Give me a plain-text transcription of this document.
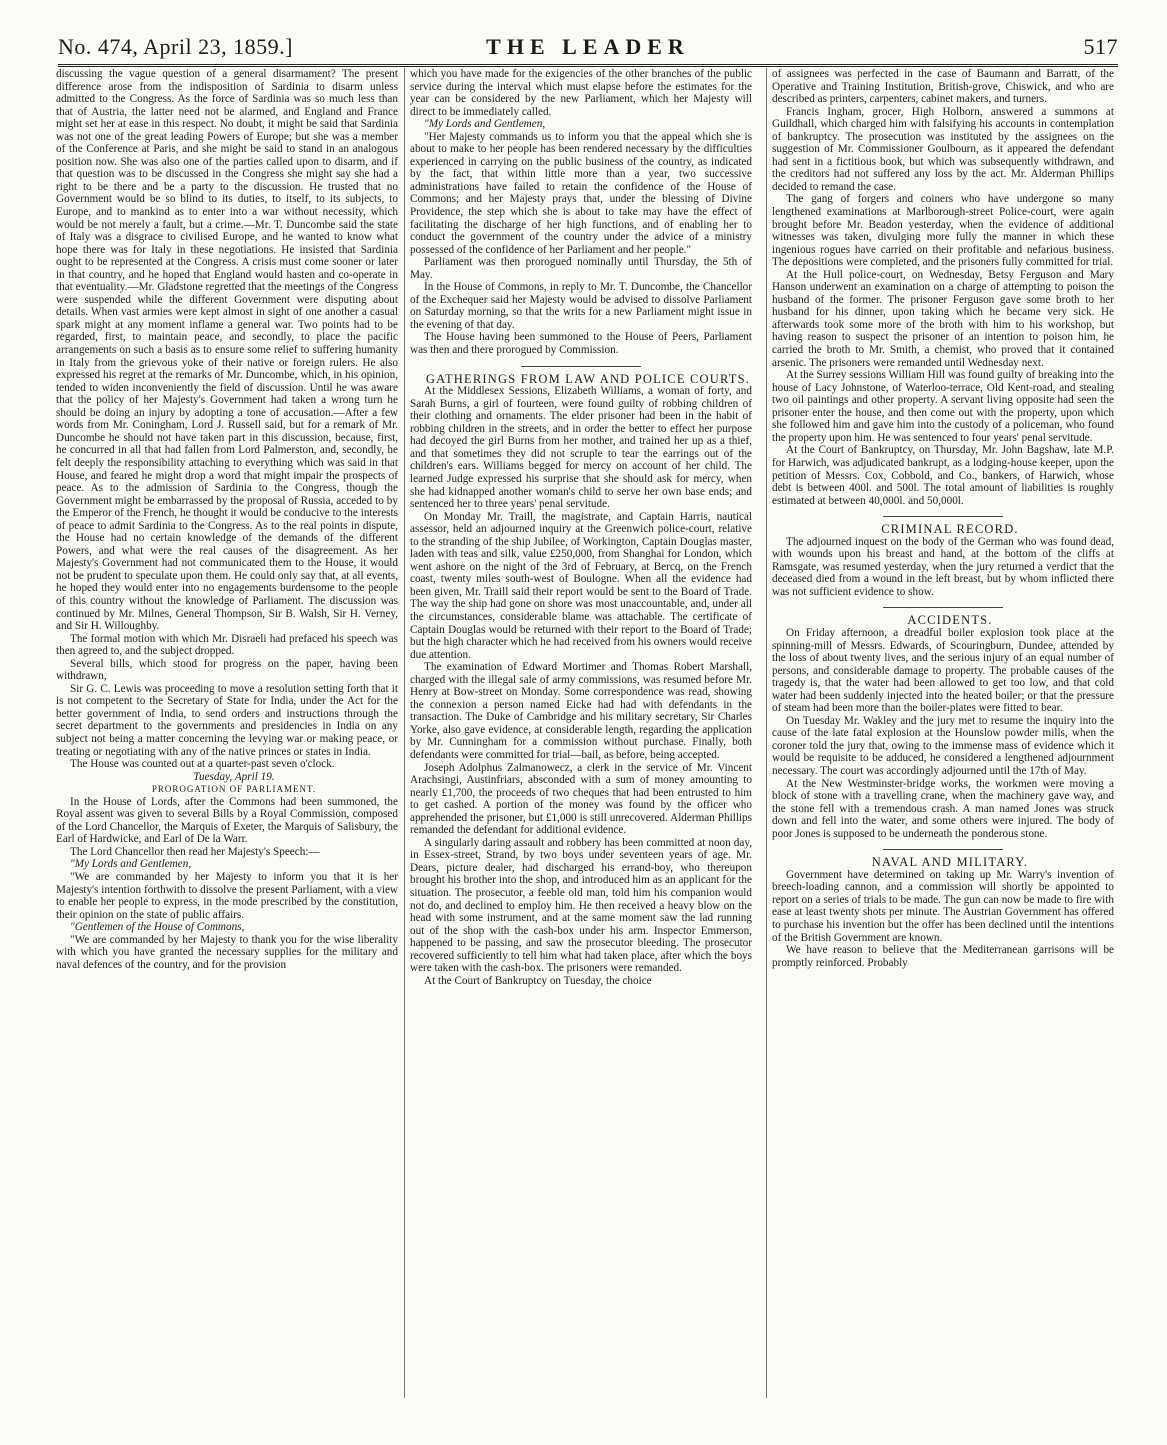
No. 474, April 23, 1859.]	THE LEADER	517

discussing the vague question of a general disarmament? The present difference arose from the indisposition of Sardinia to disarm unless admitted to the Congress. As the force of Sardinia was so much less than that of Austria, the latter need not be alarmed, and England and France might set her at ease in this respect. No doubt, it might be said that Sardinia was not one of the great leading Powers of Europe; but she was a member of the Conference at Paris, and she might be said to stand in an analogous position now. She was also one of the parties called upon to disarm, and if that question was to be discussed in the Congress she might say she had a right to be there and be a party to the discussion. He trusted that no Government would be so blind to its duties, to itself, to its subjects, to Europe, and to mankind as to enter into a war without necessity, which would be not merely a fault, but a crime.—Mr. T. Duncombe said the state of Italy was a disgrace to civilised Europe, and he wanted to know what hope there was for Italy in these negotiations. He insisted that Sardinia ought to be represented at the Congress. A crisis must come sooner or later in that country, and he hoped that England would hasten and co-operate in that eventuality.—Mr. Gladstone regretted that the meetings of the Congress were suspended while the different Government were disputing about details. When vast armies were kept almost in sight of one another a casual spark might at any moment inflame a general war. Two points had to be regarded, first, to maintain peace, and secondly, to place the pacific arrangements on such a basis as to ensure some relief to suffering humanity in Italy from the grievous yoke of their native or foreign rulers. He also expressed his regret at the remarks of Mr. Duncombe, which, in his opinion, tended to widen inconveniently the field of discussion. Until he was aware that the policy of her Majesty's Government had taken a wrong turn he should be doing an injury by adopting a tone of accusation.—After a few words from Mr. Coningham, Lord J. Russell said, but for a remark of Mr. Duncombe he should not have taken part in this discussion, because, first, he concurred in all that had fallen from Lord Palmerston, and, secondly, he felt deeply the responsibility attaching to everything which was said in that House, and feared he might drop a word that might impair the prospects of peace. As to the admission of Sardinia to the Congress, though the Government might be embarrassed by the proposal of Russia, acceded to by the Emperor of the French, he thought it would be conducive to the interests of peace to admit Sardinia to the Congress. As to the real points in dispute, the House had no certain knowledge of the demands of the different Powers, and what were the real causes of the disagreement. As her Majesty's Government had not communicated them to the House, it would not be prudent to speculate upon them. He could only say that, at all events, he hoped they would enter into no engagements burdensome to the people of this country without the knowledge of Parliament. The discussion was continued by Mr. Milnes, General Thompson, Sir B. Walsh, Sir H. Verney, and Sir H. Willoughby.

The formal motion with which Mr. Disraeli had prefaced his speech was then agreed to, and the subject dropped.

Several bills, which stood for progress on the paper, having been withdrawn,

Sir G. C. Lewis was proceeding to move a resolution setting forth that it is not competent to the Secretary of State for India, under the Act for the better government of India, to send orders and instructions through the secret department to the governments and presidencies in India on any subject not being a matter concerning the levying war or making peace, or treating or negotiating with any of the native princes or states in India.

The House was counted out at a quarter-past seven o'clock.

Tuesday, April 19.

PROROGATION OF PARLIAMENT.

In the House of Lords, after the Commons had been summoned, the Royal assent was given to several Bills by a Royal Commission, composed of the Lord Chancellor, the Marquis of Exeter, the Marquis of Salisbury, the Earl of Hardwicke, and Earl of De la Warr.

The Lord Chancellor then read her Majesty's Speech:—

"My Lords and Gentlemen,

"We are commanded by her Majesty to inform you that it is her Majesty's intention forthwith to dissolve the present Parliament, with a view to enable her people to express, in the mode prescribed by the constitution, their opinion on the state of public affairs.

"Gentlemen of the House of Commons,

"We are commanded by her Majesty to thank you for the wise liberality with which you have granted the necessary supplies for the military and naval defences of the country, and for the provision

which you have made for the exigencies of the other branches of the public service during the interval which must elapse before the estimates for the year can be considered by the new Parliament, which her Majesty will direct to be immediately called.

"My Lords and Gentlemen,

"Her Majesty commands us to inform you that the appeal which she is about to make to her people has been rendered necessary by the difficulties experienced in carrying on the public business of the country, as indicated by the fact, that within little more than a year, two successive administrations have failed to retain the confidence of the House of Commons; and her Majesty prays that, under the blessing of Divine Providence, the step which she is about to take may have the effect of facilitating the discharge of her high functions, and of enabling her to conduct the government of the country under the advice of a ministry possessed of the confidence of her Parliament and her people."

Parliament was then prorogued nominally until Thursday, the 5th of May.

In the House of Commons, in reply to Mr. T. Duncombe, the Chancellor of the Exchequer said her Majesty would be advised to dissolve Parliament on Saturday morning, so that the writs for a new Parliament might issue in the evening of that day.

The House having been summoned to the House of Peers, Parliament was then and there prorogued by Commission.

GATHERINGS FROM LAW AND POLICE COURTS.

At the Middlesex Sessions, Elizabeth Williams, a woman of forty, and Sarah Burns, a girl of fourteen, were found guilty of robbing children of their clothing and ornaments. The elder prisoner had been in the habit of robbing children in the streets, and in order the better to effect her purpose had decoyed the girl Burns from her mother, and trained her up as a thief, and that sometimes they did not scruple to tear the earrings out of the children's ears. Williams begged for mercy on account of her child. The learned Judge expressed his surprise that she should ask for mercy, when she had kidnapped another woman's child to serve her own base ends; and sentenced her to three years' penal servitude.

On Monday Mr. Traill, the magistrate, and Captain Harris, nautical assessor, held an adjourned inquiry at the Greenwich police-court, relative to the stranding of the ship Jubilee, of Workington, Captain Douglas master, laden with teas and silk, value £250,000, from Shanghai for London, which went ashore on the night of the 3rd of February, at Bercq, on the French coast, twenty miles south-west of Boulogne. When all the evidence had been given, Mr. Traill said their report would be sent to the Board of Trade. The way the ship had gone on shore was most unaccountable, and, under all the circumstances, considerable blame was attachable. The certificate of Captain Douglas would be returned with their report to the Board of Trade; but the high character which he had received from his owners would receive due attention.

The examination of Edward Mortimer and Thomas Robert Marshall, charged with the illegal sale of army commissions, was resumed before Mr. Henry at Bow-street on Monday. Some correspondence was read, showing the connexion a person named Eicke had had with defendants in the transaction. The Duke of Cambridge and his military secretary, Sir Charles Yorke, also gave evidence, at considerable length, regarding the application by Mr. Cunningham for a commission without purchase. Finally, both defendants were committed for trial—bail, as before, being accepted.

Joseph Adolphus Zalmanowecz, a clerk in the service of Mr. Vincent Arachsingi, Austinfriars, absconded with a sum of money amounting to nearly £1,700, the proceeds of two cheques that had been entrusted to him to get cashed. A portion of the money was found by the officer who apprehended the prisoner, but £1,000 is still unrecovered. Alderman Phillips remanded the defendant for additional evidence.

A singularly daring assault and robbery has been committed at noon day, in Essex-street, Strand, by two boys under seventeen years of age. Mr. Dears, picture dealer, had discharged his errand-boy, who thereupon brought his brother into the shop, and introduced him as an applicant for the situation. The prosecutor, a feeble old man, told him his companion would not do, and declined to employ him. He then received a heavy blow on the head with some instrument, and at the same moment saw the lad running out of the shop with the cash-box under his arm. Inspector Emmerson, happened to be passing, and saw the prosecutor bleeding. The prosecutor recovered sufficiently to tell him what had taken place, after which the boys were taken with the cash-box. The prisoners were remanded.

At the Court of Bankruptcy on Tuesday, the choice

of assignees was perfected in the case of Baumann and Barratt, of the Operative and Training Institution, British-grove, Chiswick, and who are described as printers, carpenters, cabinet makers, and turners.

Francis Ingham, grocer, High Holborn, answered a summons at Guildhall, which charged him with falsifying his accounts in contemplation of bankruptcy. The prosecution was instituted by the assignees on the suggestion of Mr. Commissioner Goulbourn, as it appeared the defendant had sent in a fictitious book, but which was subsequently withdrawn, and the creditors had not suffered any loss by the act. Mr. Alderman Phillips decided to remand the case.

The gang of forgers and coiners who have undergone so many lengthened examinations at Marlborough-street Police-court, were again brought before Mr. Beadon yesterday, when the evidence of additional witnesses was taken, divulging more fully the manner in which these ingenious rogues have carried on their profitable and nefarious business. The depositions were completed, and the prisoners fully committed for trial.

At the Hull police-court, on Wednesday, Betsy Ferguson and Mary Hanson underwent an examination on a charge of attempting to poison the husband of the former. The prisoner Ferguson gave some broth to her husband for his dinner, upon taking which he became very sick. He afterwards took some more of the broth with him to his workshop, but having reason to suspect the prisoner of an intention to poison him, he carried the broth to Mr. Smith, a chemist, who proved that it contained arsenic. The prisoners were remanded until Wednesday next.

At the Surrey sessions William Hill was found guilty of breaking into the house of Lacy Johnstone, of Waterloo-terrace, Old Kent-road, and stealing two oil paintings and other property. A servant living opposite had seen the prisoner enter the house, and then come out with the property, upon which she followed him and gave him into the custody of a policeman, who found the property upon him. He was sentenced to four years' penal servitude.

At the Court of Bankruptcy, on Thursday, Mr. John Bagshaw, late M.P. for Harwich, was adjudicated bankrupt, as a lodging-house keeper, upon the petition of Messrs. Cox, Cobbold, and Co., bankers, of Harwich, whose debt is between 400l. and 500l. The total amount of liabilities is roughly estimated at between 40,000l. and 50,000l.

CRIMINAL RECORD.

The adjourned inquest on the body of the German who was found dead, with wounds upon his breast and hand, at the bottom of the cliffs at Ramsgate, was resumed yesterday, when the jury returned a verdict that the deceased died from a wound in the left breast, but by whom inflicted there was not sufficient evidence to show.

ACCIDENTS.

On Friday afternoon, a dreadful boiler explosion took place at the spinning-mill of Messrs. Edwards, of Scouringburn, Dundee, attended by the loss of about twenty lives, and the serious injury of an equal number of persons, and considerable damage to property. The probable causes of the tragedy is, that the water had been allowed to get too low, and that cold water had been suddenly injected into the heated boiler; or that the pressure of steam had been more than the boiler-plates were fitted to bear.

On Tuesday Mr. Wakley and the jury met to resume the inquiry into the cause of the late fatal explosion at the Hounslow powder mills, when the coroner told the jury that, owing to the immense mass of evidence which it would be requisite to be adduced, he considered a lengthened adjournment necessary. The court was accordingly adjourned until the 17th of May.

At the New Westminster-bridge works, the workmen were moving a block of stone with a travelling crane, when the machinery gave way, and the stone fell with a tremendous crash. A man named Jones was struck down and fell into the water, and some others were injured. The body of poor Jones is supposed to be underneath the ponderous stone.

NAVAL AND MILITARY.

Government have determined on taking up Mr. Warry's invention of breech-loading cannon, and a commission will shortly be appointed to report on a series of trials to be made. The gun can now be made to fire with ease at least twenty shots per minute. The Austrian Government has offered to purchase his invention but the offer has been declined until the intentions of the British Government are known.

We have reason to believe that the Mediterranean garrisons will be promptly reinforced. Probably
